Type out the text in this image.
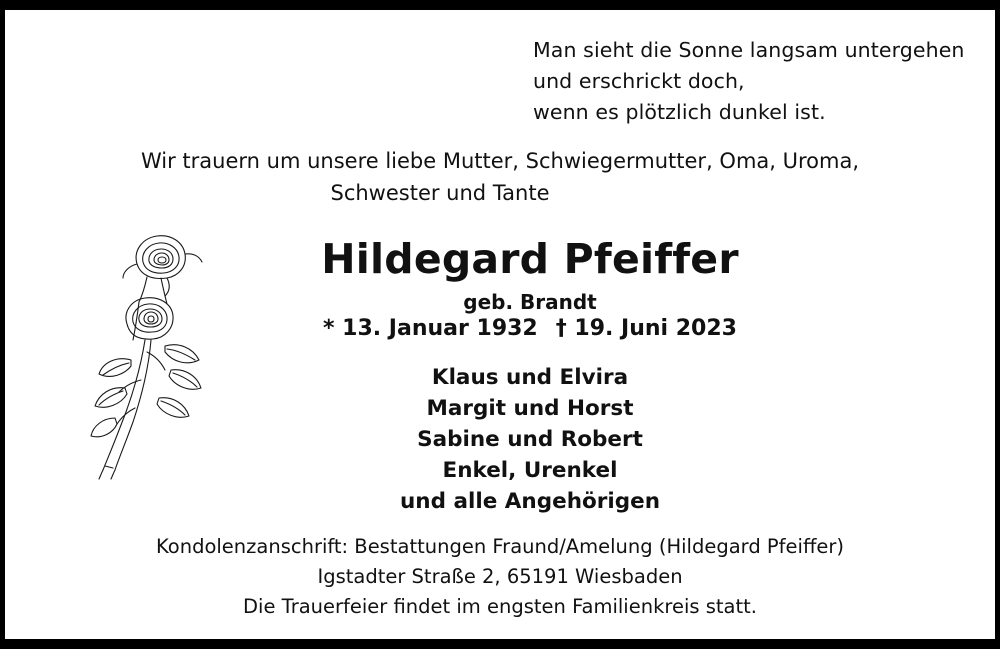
Man sieht die Sonne langsam untergehen
und erschrickt doch,
wenn es plötzlich dunkel ist.
Wir trauern um unsere liebe Mutter, Schwiegermutter, Oma, Uroma,
Schwester und Tante
Hildegard Pfeiffer
geb. Brandt
* 13. Januar 1932 † 19. Juni 2023
Klaus und Elvira
Margit und Horst
Sabine und Robert
Enkel, Urenkel
und alle Angehörigen
Kondolenzanschrift: Bestattungen Fraund/Amelung (Hildegard Pfeiffer)
Igstadter Straße 2, 65191 Wiesbaden
Die Trauerfeier findet im engsten Familienkreis statt.
